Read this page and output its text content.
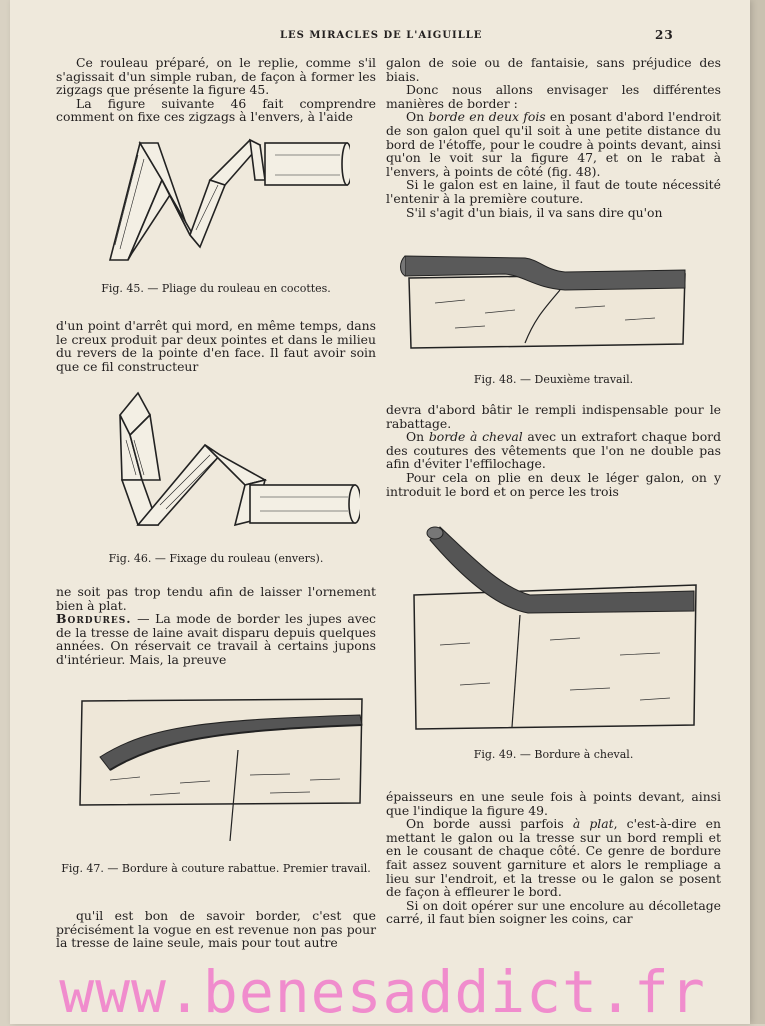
LES MIRACLES DE L'AIGUILLE	23

Ce rouleau préparé, on le replie, comme s'il s'agissait d'un simple ruban, de façon à former les zigzags que présente la figure 45.

La figure suivante 46 fait comprendre comment on fixe ces zigzags à l'envers, à l'aide

Fig. 45. — Pliage du rouleau en cocottes.

d'un point d'arrêt qui mord, en même temps, dans le creux produit par deux pointes et dans le milieu du revers de la pointe d'en face. Il faut avoir soin que ce fil constructeur

Fig. 46. — Fixage du rouleau (envers).

ne soit pas trop tendu afin de laisser l'ornement bien à plat.

Bordures. — La mode de border les jupes avec de la tresse de laine avait disparu depuis quelques années. On réservait ce travail à certains jupons d'intérieur. Mais, la preuve

Fig. 47. — Bordure à couture rabattue. Premier travail.

qu'il est bon de savoir border, c'est que précisément la vogue en est revenue non pas pour la tresse de laine seule, mais pour tout autre

galon de soie ou de fantaisie, sans préjudice des biais.

Donc nous allons envisager les différentes manières de border :

On borde en deux fois en posant d'abord l'endroit de son galon quel qu'il soit à une petite distance du bord de l'étoffe, pour le coudre à points devant, ainsi qu'on le voit sur la figure 47, et on le rabat à l'envers, à points de côté (fig. 48).

Si le galon est en laine, il faut de toute nécessité l'entenir à la première couture.

S'il s'agit d'un biais, il va sans dire qu'on

Fig. 48. — Deuxième travail.

devra d'abord bâtir le rempli indispensable pour le rabattage.

On borde à cheval avec un extrafort chaque bord des coutures des vêtements que l'on ne double pas afin d'éviter l'effilochage.

Pour cela on plie en deux le léger galon, on y introduit le bord et on perce les trois

Fig. 49. — Bordure à cheval.

épaisseurs en une seule fois à points devant, ainsi que l'indique la figure 49.

On borde aussi parfois à plat, c'est-à-dire en mettant le galon ou la tresse sur un bord rempli et en le cousant de chaque côté. Ce genre de bordure fait assez souvent garniture et alors le rempliage a lieu sur l'endroit, et la tresse ou le galon se posent de façon à effleurer le bord.

Si on doit opérer sur une encolure au décolletage carré, il faut bien soigner les coins, car

www.benesaddict.fr
